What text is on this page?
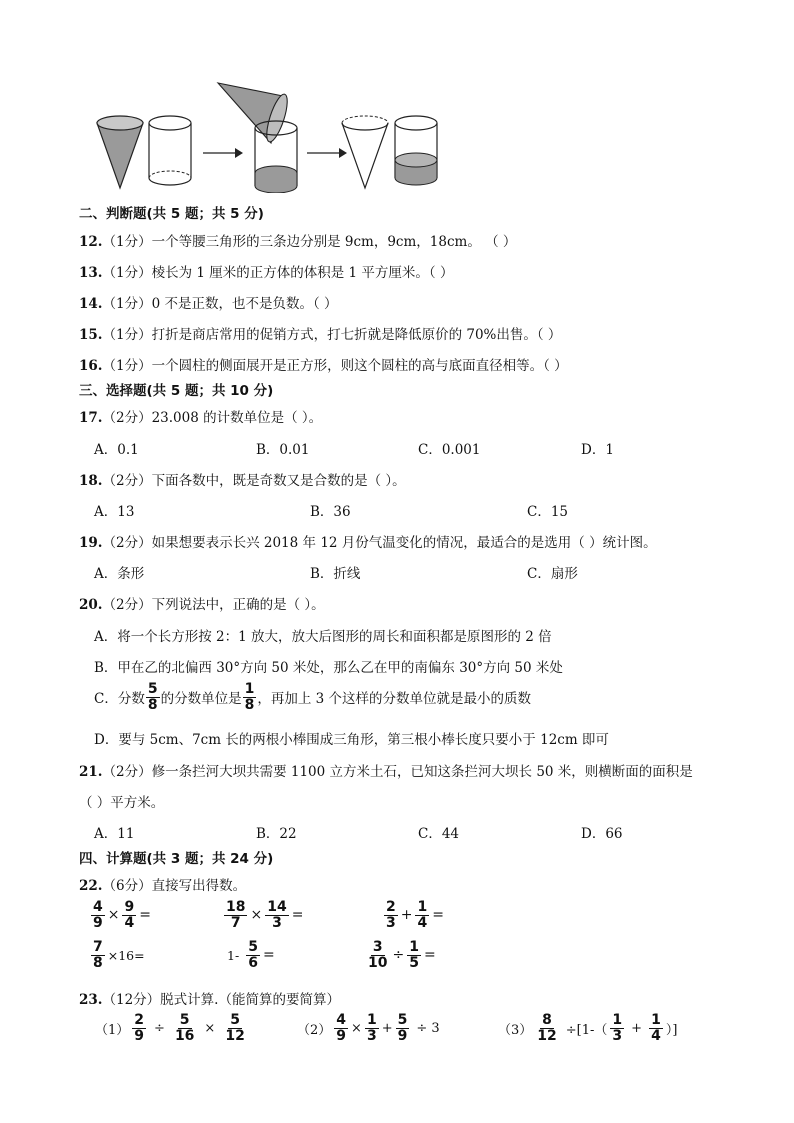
二、判断题(共 5 题；共 5 分)
12.（1分）一个等腰三角形的三条边分别是 9cm，9cm，18cm。 （ ）
13.（1分）棱长为 1 厘米的正方体的体积是 1 平方厘米。（ ）
14.（1分）0 不是正数，也不是负数。（ ）
15.（1分）打折是商店常用的促销方式，打七折就是降低原价的 70%出售。（ ）
16.（1分）一个圆柱的侧面展开是正方形，则这个圆柱的高与底面直径相等。（ ）
三、选择题(共 5 题；共 10 分)
17.（2分）23.008 的计数单位是（ ）。
A．0.1	B．0.01	C．0.001	D．1
18.（2分）下面各数中，既是奇数又是合数的是（ ）。
A．13	B．36	C．15
19.（2分）如果想要表示长兴 2018 年 12 月份气温变化的情况，最适合的是选用（ ）统计图。
A．条形	B．折线	C．扇形
20.（2分）下列说法中，正确的是（ ）。
A．将一个长方形按 2：1 放大，放大后图形的周长和面积都是原图形的 2 倍
B．甲在乙的北偏西 30°方向 50 米处，那么乙在甲的南偏东 30°方向 50 米处
C．分数 $\frac{5}{8}$ 的分数单位是 $\frac{1}{8}$ ，再加上 3 个这样的分数单位就是最小的质数
D．要与 5cm、7cm 长的两根小棒围成三角形，第三根小棒长度只要小于 12cm 即可
21.（2分）修一条拦河大坝共需要 1100 立方米土石，已知这条拦河大坝长 50 米，则横断面的面积是
（ ）平方米。
A．11	B．22	C．44	D．66
四、计算题(共 3 题；共 24 分)
22.（6分）直接写出得数。
$\frac{4}{9} \times \frac{9}{4}$ =	$\frac{18}{7} \times \frac{14}{3}$ =	$\frac{2}{3} + \frac{1}{4}$ =
$\frac{7}{8} \times 16=$	$1- \frac{5}{6}$ =	$\frac{3}{10} \div \frac{1}{5}$ =
23.（12分）脱式计算.（能简算的要简算）
$(1) \frac{2}{9} \div \frac{5}{16} \times \frac{5}{12}$	$(2) \frac{4}{9} \times \frac{1}{3} + \frac{5}{9} \div 3$	$(3) \frac{8}{12} \div[1-( \frac{1}{3} + \frac{1}{4}$ ）]
